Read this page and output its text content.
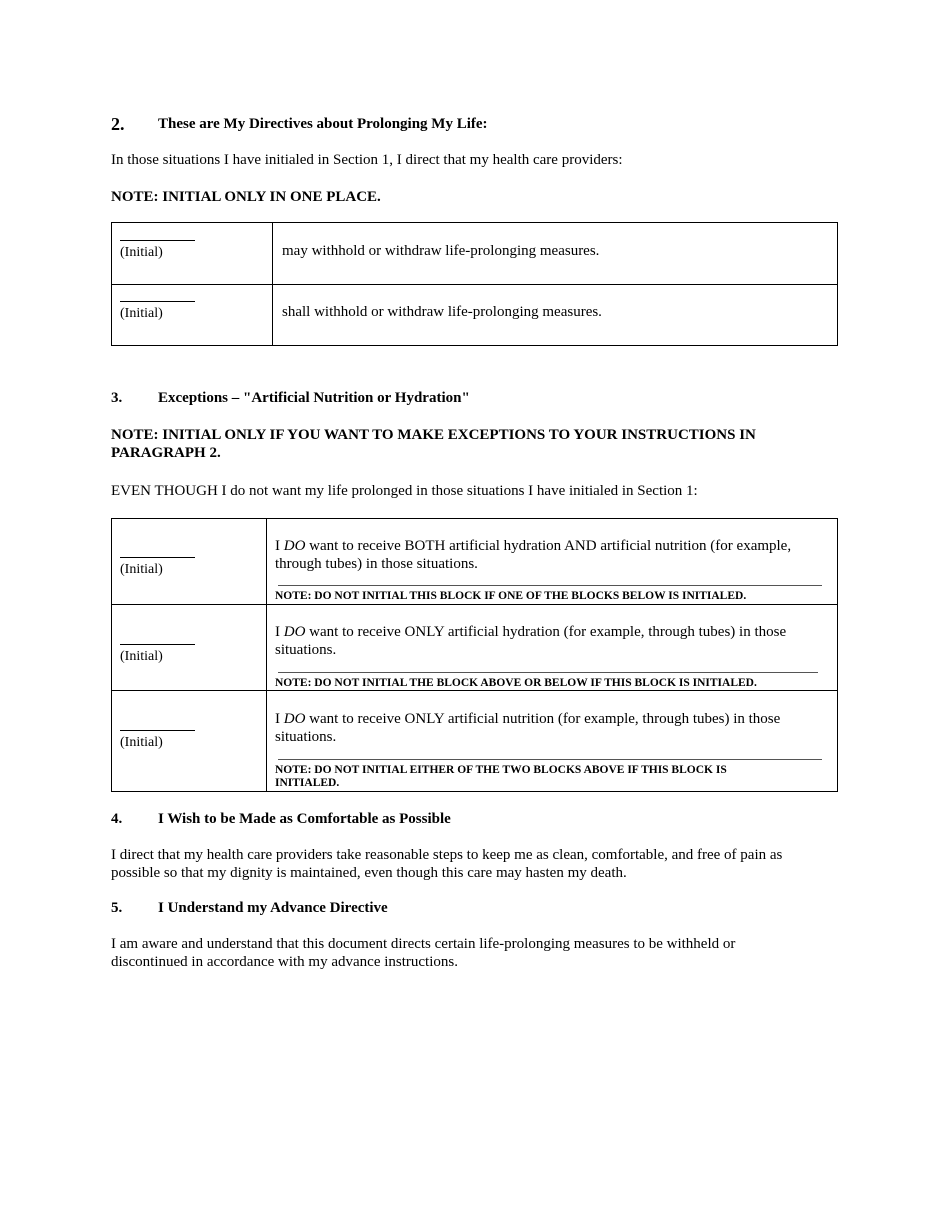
2. These are My Directives about Prolonging My Life:
In those situations I have initialed in Section 1, I direct that my health care providers:
NOTE: INITIAL ONLY IN ONE PLACE.
(Initial)	may withhold or withdraw life-prolonging measures.
(Initial)	shall withhold or withdraw life-prolonging measures.
3. Exceptions – "Artificial Nutrition or Hydration"
NOTE: INITIAL ONLY IF YOU WANT TO MAKE EXCEPTIONS TO YOUR INSTRUCTIONS IN
PARAGRAPH 2.
EVEN THOUGH I do not want my life prolonged in those situations I have initialed in Section 1:
(Initial)
I DO want to receive BOTH artificial hydration AND artificial nutrition (for example,
through tubes) in those situations.
NOTE: DO NOT INITIAL THIS BLOCK IF ONE OF THE BLOCKS BELOW IS INITIALED.
(Initial)
I DO want to receive ONLY artificial hydration (for example, through tubes) in those
situations.
NOTE: DO NOT INITIAL THE BLOCK ABOVE OR BELOW IF THIS BLOCK IS INITIALED.
(Initial)
I DO want to receive ONLY artificial nutrition (for example, through tubes) in those
situations.
NOTE: DO NOT INITIAL EITHER OF THE TWO BLOCKS ABOVE IF THIS BLOCK IS
INITIALED.
4. I Wish to be Made as Comfortable as Possible
I direct that my health care providers take reasonable steps to keep me as clean, comfortable, and free of pain as
possible so that my dignity is maintained, even though this care may hasten my death.
5. I Understand my Advance Directive
I am aware and understand that this document directs certain life-prolonging measures to be withheld or
discontinued in accordance with my advance instructions.
